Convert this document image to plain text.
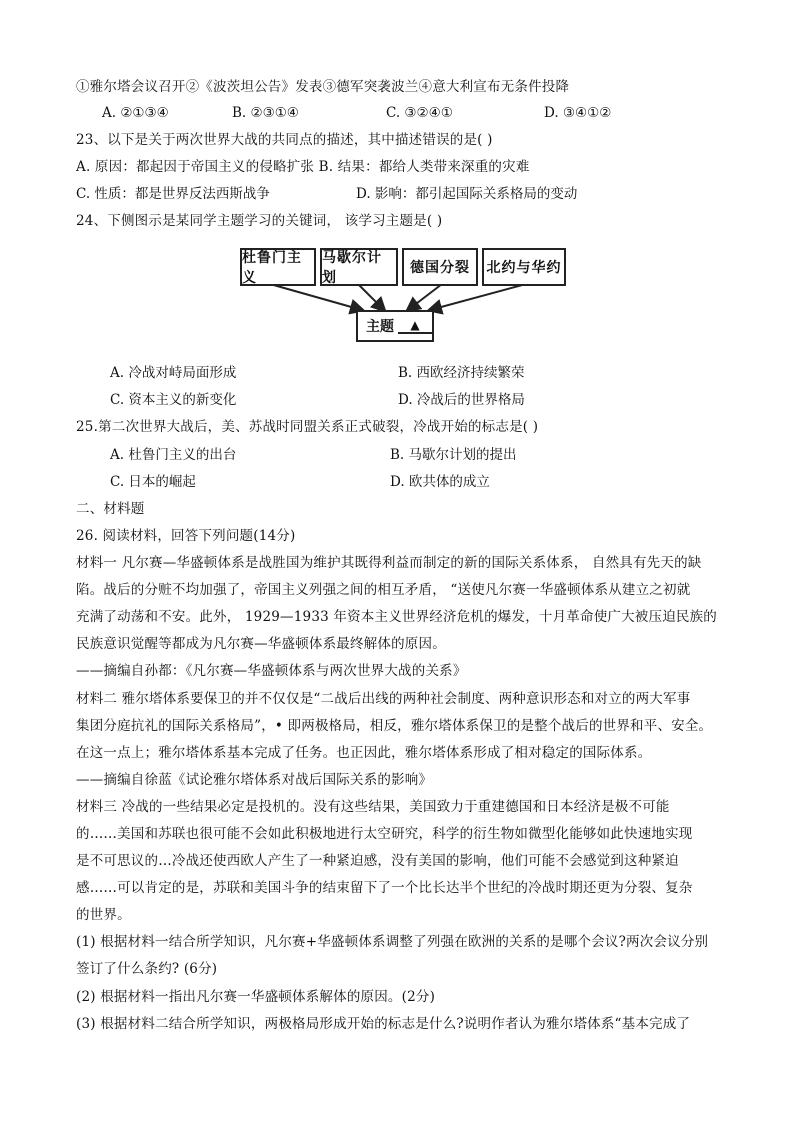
①雅尔塔会议召开②《波茨坦公告》发表③德军突袭波兰④意大利宣布无条件投降
A. ②①③④	B. ②③①④	C. ③②④①	D. ③④①②
23、以下是关于两次世界大战的共同点的描述，其中描述错误的是( )
A. 原因：都起因于帝国主义的侵略扩张 B. 结果：都给人类带来深重的灾难
C. 性质：都是世界反法西斯战争	D. 影响：都引起国际关系格局的变动
24、下侧图示是某同学主题学习的关键词， 该学习主题是( )
杜鲁门主义
马歇尔计划
德国分裂	北约与华约
主题	▲
A. 冷战对峙局面形成	B. 西欧经济持续繁荣
C. 资本主义的新变化	D. 冷战后的世界格局
25.第二次世界大战后，美、苏战时同盟关系正式破裂，冷战开始的标志是( )
A. 杜鲁门主义的出台	B. 马歇尔计划的提出
C. 日本的崛起	D. 欧共体的成立
二、材料题
26. 阅读材料，回答下列问题(14分)
材料一 凡尔赛—华盛顿体系是战胜国为维护其既得利益而制定的新的国际关系体系， 自然具有先天的缺
陷。战后的分赃不均加强了，帝国主义列强之间的相互矛盾， “送使凡尔赛一华盛顿体系从建立之初就
充满了动荡和不安。此外， 1929—1933 年资本主义世界经济危机的爆发，十月革命使广大被压迫民族的
民族意识觉醒等都成为凡尔赛—华盛顿体系最终解体的原因。
——摘编自孙都：《凡尔赛—华盛顿体系与两次世界大战的关系》
材料二 雅尔塔体系要保卫的并不仅仅是“二战后出线的两种社会制度、两种意识形态和对立的两大军事
集团分庭抗礼的国际关系格局”，• 即两极格局，相反，雅尔塔体系保卫的是整个战后的世界和平、安全。
在这一点上；雅尔塔体系基本完成了任务。也正因此，雅尔塔体系形成了相对稳定的国际体系。
——摘编自徐蓝《试论雅尔塔体系对战后国际关系的影响》
材料三 冷战的一些结果必定是投机的。没有这些结果，美国致力于重建德国和日本经济是极不可能
的……美国和苏联也很可能不会如此积极地进行太空研究，科学的衍生物如微型化能够如此快速地实现
是不可思议的…冷战还使西欧人产生了一种紧迫感，没有美国的影响，他们可能不会感觉到这种紧迫
感……可以肯定的是，苏联和美国斗争的结束留下了一个比长达半个世纪的冷战时期还更为分裂、复杂
的世界。
(1) 根据材料一结合所学知识，凡尔赛+华盛顿体系调整了列强在欧洲的关系的是哪个会议?两次会议分别
签订了什么条约? (6分)
(2) 根据材料一指出凡尔赛一华盛顿体系解体的原因。(2分)
(3) 根据材料二结合所学知识，两极格局形成开始的标志是什么?说明作者认为雅尔塔体系“基本完成了
